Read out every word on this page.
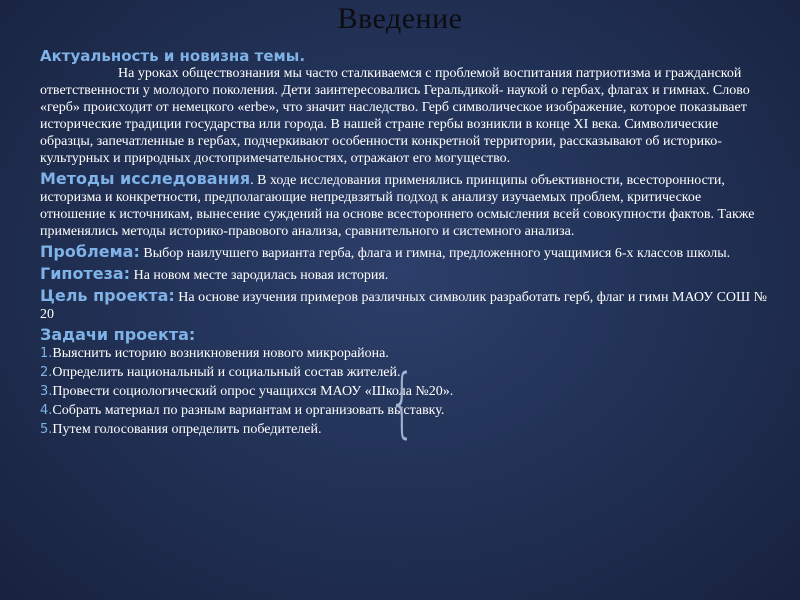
Введение
Актуальность и новизна темы.

На уроках обществознания мы часто сталкиваемся с проблемой воспитания патриотизма и гражданской ответственности у молодого поколения. Дети заинтересовались Геральдикой- наукой о гербах, флагах и гимнах. Слово «герб» происходит от немецкого «erbe», что значит наследство. Герб символическое изображение, которое показывает исторические традиции государства или города. В нашей стране гербы возникли в конце XI века. Символические образцы, запечатленные в гербах, подчеркивают особенности конкретной территории, рассказывают об историко-культурных и природных достопримечательностях, отражают его могущество.

Методы исследования. В ходе исследования применялись принципы объективности, всесторонности, историзма и конкретности, предполагающие непредвзятый подход к анализу изучаемых проблем, критическое отношение к источникам, вынесение суждений на основе всестороннего осмысления всей совокупности фактов. Также применялись методы историко-правового анализа, сравнительного и системного анализа.

Проблема: Выбор наилучшего варианта герба, флага и гимна, предложенного учащимися 6-х классов школы.

Гипотеза: На новом месте зародилась новая история.

Цель проекта: На основе изучения примеров различных символик разработать герб, флаг и гимн МАОУ СОШ № 20

Задачи проекта:
1.Выяснить историю возникновения нового микрорайона.
2.Определить национальный и социальный состав жителей.
3.Провести социологический опрос учащихся МАОУ «Школа №20».
4.Собрать материал по разным вариантам и организовать выставку.
5.Путем голосования определить победителей. {
